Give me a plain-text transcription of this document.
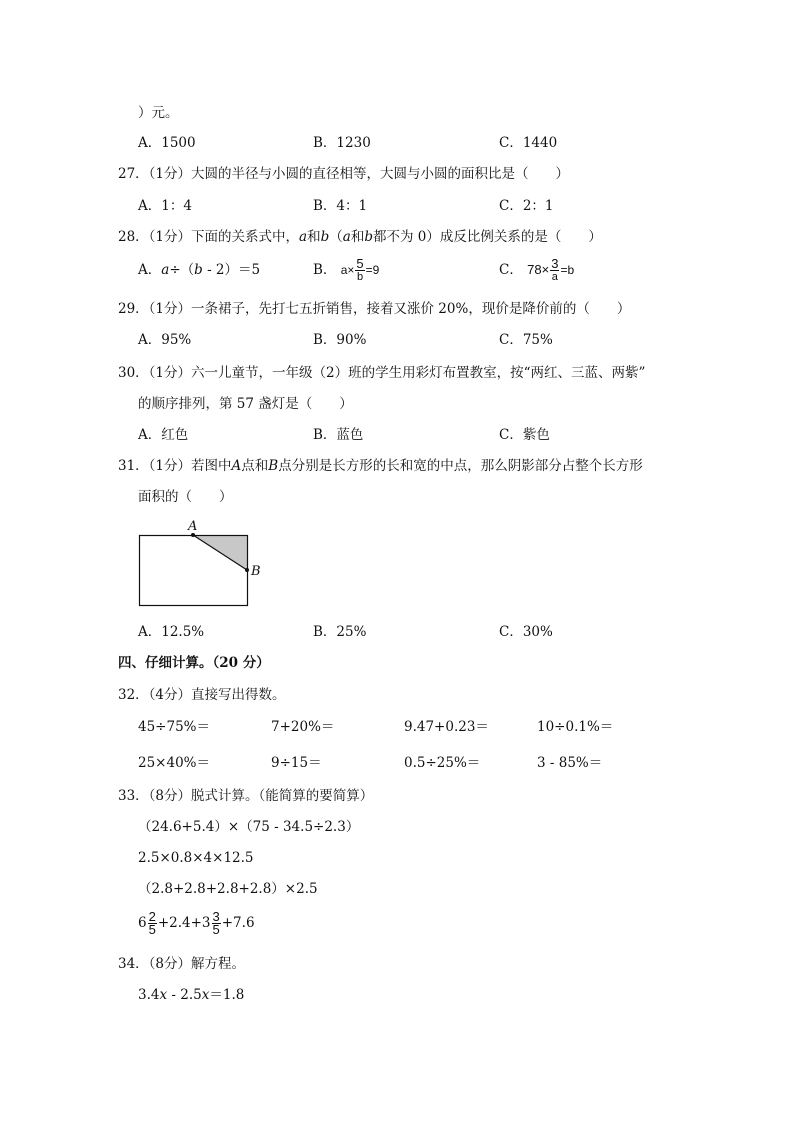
）元。
A．1500	B．1230	C．1440
27．（1分）大圆的半径与小圆的直径相等，大圆与小圆的面积比是（　　）
A．1：4	B．4：1	C．2：1
28．（1分）下面的关系式中，a和b（a和b都不为 0）成反比例关系的是（　　）
A．a÷（b - 2）＝5	B． $a\times \frac{5}{b} =9$	C． $78\times \frac{3}{a} =b$
29．（1分）一条裙子，先打七五折销售，接着又涨价 20%，现价是降价前的（　　）
A．95%	B．90%	C．75%
30．（1分）六一儿童节，一年级（2）班的学生用彩灯布置教室，按“两红、三蓝、两紫”
的顺序排列，第 57 盏灯是（　　）
A．红色	B．蓝色	C．紫色
31．（1分）若图中A点和B点分别是长方形的长和宽的中点，那么阴影部分占整个长方形
面积的（　　）
A
B
A．12.5%	B．25%	C．30%
四、仔细计算。（20 分）
32．（4分）直接写出得数。
45÷75%＝	7+20%＝	9.47+0.23＝	10÷0.1%＝
25×40%＝	9÷15＝	0.5÷25%＝	3 - 85%＝
33．（8分）脱式计算。（能简算的要简算）
（24.6+5.4）×（75 - 34.5÷2.3）
2.5×0.8×4×12.5
（2.8+2.8+2.8+2.8）×2.5
$6 \frac{2}{5} +2.4+3 \frac{3}{5} +7.6$
34．（8分）解方程。
3.4x - 2.5x＝1.8
